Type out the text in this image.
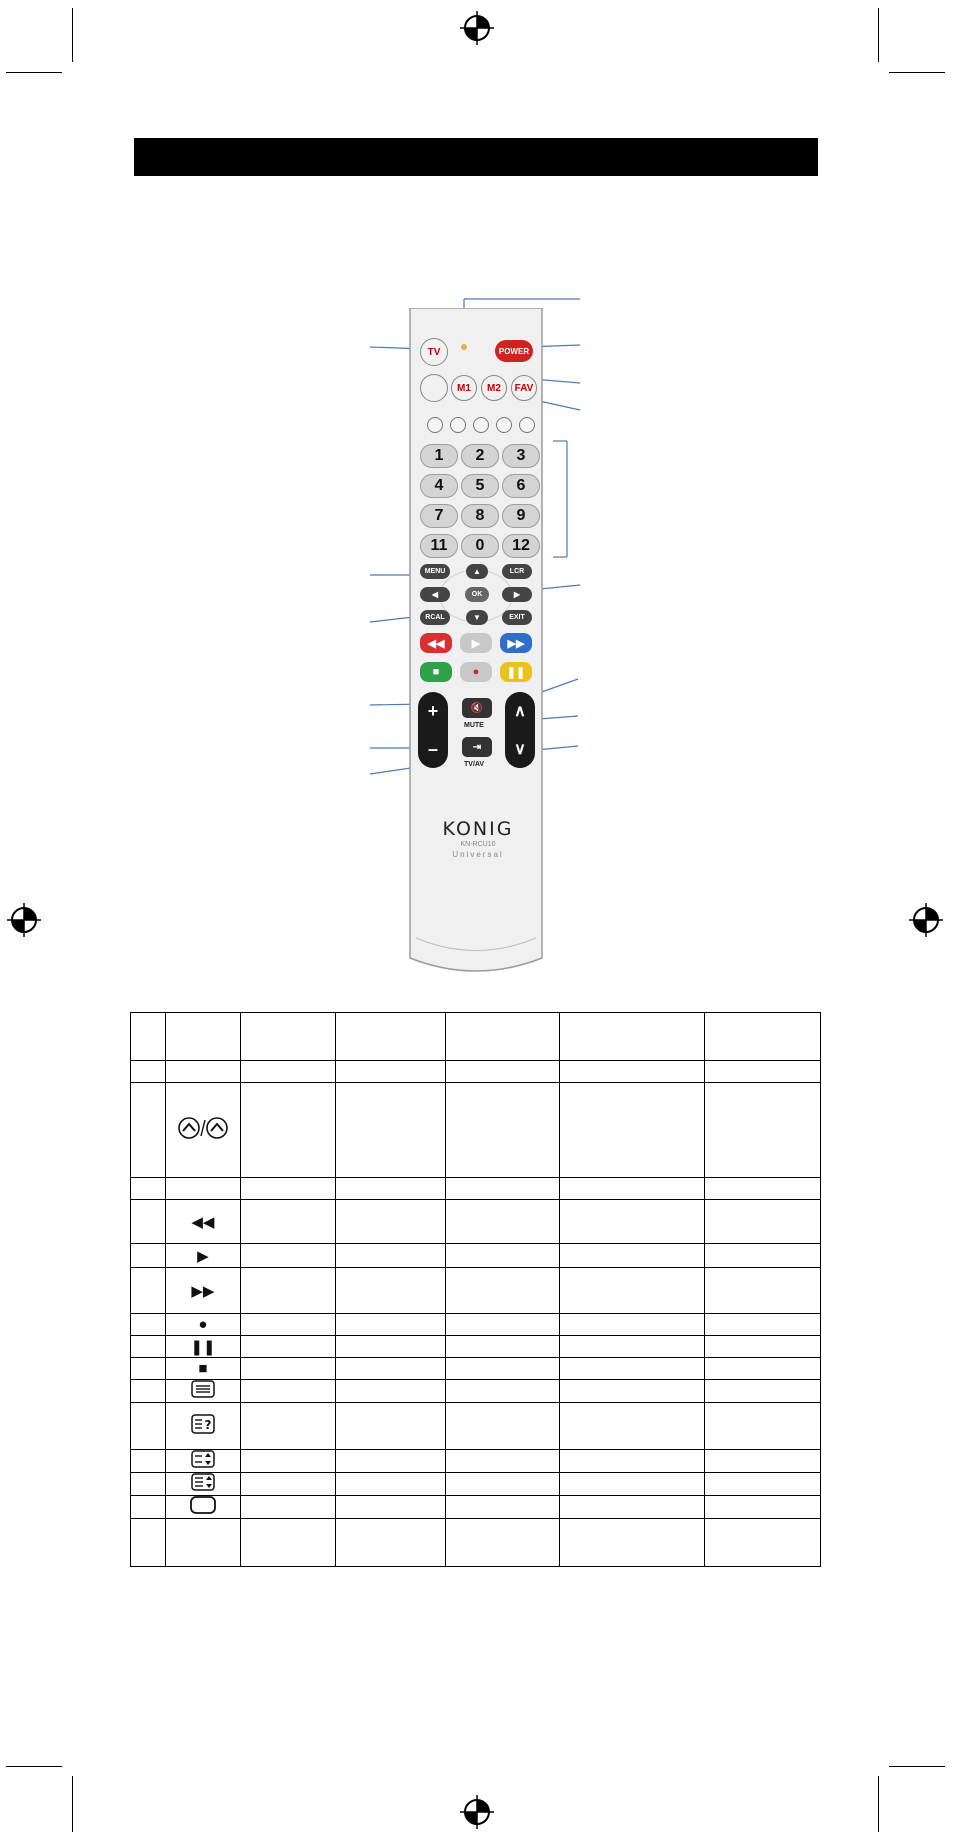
TV	POWER
M1 M2 FAV
1 2 3
4 5 6
7 8 9
11 0 12
MENU	LCR
▲
◀	OK	▶
RCAL	▼	EXIT
◀◀ ▶ ▶▶
■	● ❚❚
+
–
🔇
MUTE
⇥
TV/AV
∧
∨
KONIG
KN-RCU10
Universal

	◀◀					
	▶					
	▶▶					
	●					
	❚❚					
	■					

?					
